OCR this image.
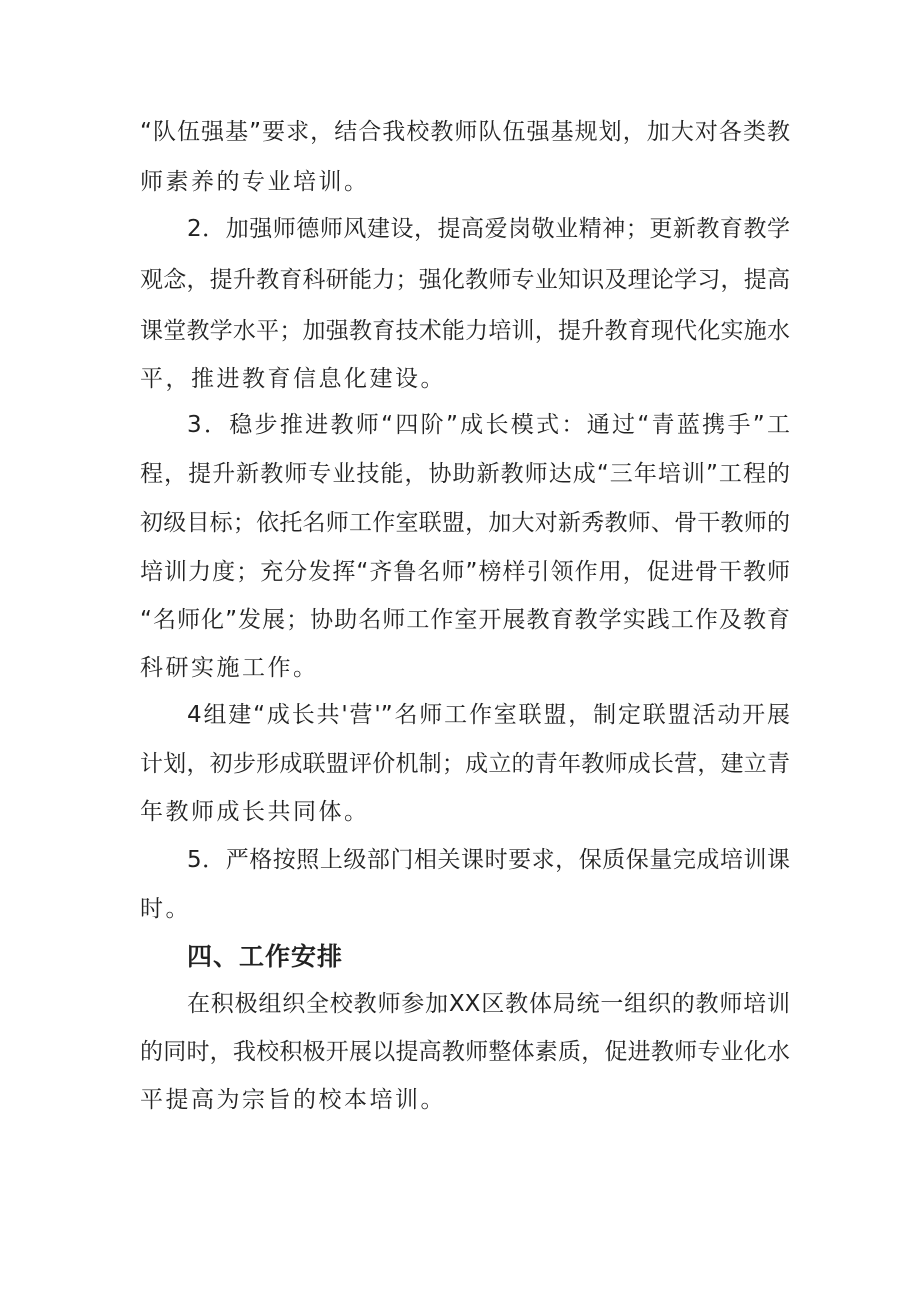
“队伍强基”要求，结合我校教师队伍强基规划，加大对各类教
师素养的专业培训。
2．加强师德师风建设，提高爱岗敬业精神；更新教育教学
观念，提升教育科研能力；强化教师专业知识及理论学习，提高
课堂教学水平；加强教育技术能力培训，提升教育现代化实施水
平，推进教育信息化建设。
3．稳步推进教师“四阶”成长模式：通过“青蓝携手”工
程，提升新教师专业技能，协助新教师达成“三年培训”工程的
初级目标；依托名师工作室联盟，加大对新秀教师、骨干教师的
培训力度；充分发挥“齐鲁名师”榜样引领作用，促进骨干教师
“名师化”发展；协助名师工作室开展教育教学实践工作及教育
科研实施工作。
4组建“成长共'营'”名师工作室联盟，制定联盟活动开展
计划，初步形成联盟评价机制；成立的青年教师成长营，建立青
年教师成长共同体。
5．严格按照上级部门相关课时要求，保质保量完成培训课
时。
四、工作安排
在积极组织全校教师参加XX区教体局统一组织的教师培训
的同时，我校积极开展以提高教师整体素质，促进教师专业化水
平提高为宗旨的校本培训。
